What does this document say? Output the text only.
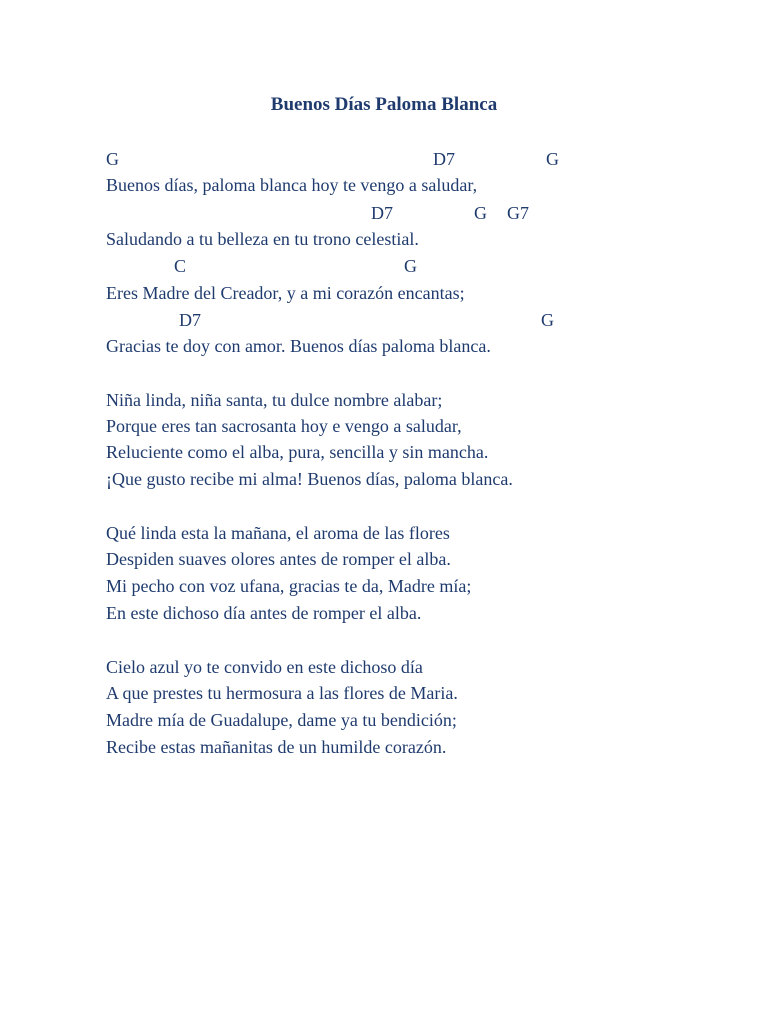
Buenos Días Paloma Blanca
G	D7	G
Buenos días, paloma blanca hoy te vengo a saludar,
D7	G G7
Saludando a tu belleza en tu trono celestial.
C	G
Eres Madre del Creador, y a mi corazón encantas;
D7	G
Gracias te doy con amor. Buenos días paloma blanca.
Niña linda, niña santa, tu dulce nombre alabar;
Porque eres tan sacrosanta hoy e vengo a saludar,
Reluciente como el alba, pura, sencilla y sin mancha.
¡Que gusto recibe mi alma! Buenos días, paloma blanca.
Qué linda esta la mañana, el aroma de las flores
Despiden suaves olores antes de romper el alba.
Mi pecho con voz ufana, gracias te da, Madre mía;
En este dichoso día antes de romper el alba.
Cielo azul yo te convido en este dichoso día
A que prestes tu hermosura a las flores de Maria.
Madre mía de Guadalupe, dame ya tu bendición;
Recibe estas mañanitas de un humilde corazón.
